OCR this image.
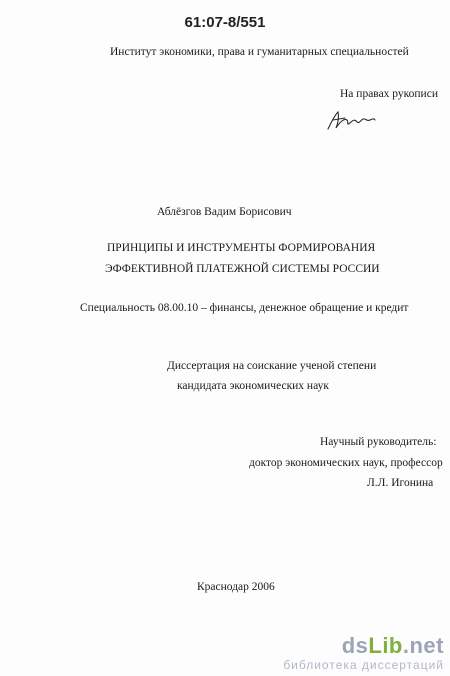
61:07-8/551
Институт экономики, права и гуманитарных специальностей
На правах рукописи
Аблёзгов Вадим Борисович
ПРИНЦИПЫ И ИНСТРУМЕНТЫ ФОРМИРОВАНИЯ
ЭФФЕКТИВНОЙ ПЛАТЕЖНОЙ СИСТЕМЫ РОССИИ
Специальность 08.00.10 – финансы, денежное обращение и кредит
Диссертация на соискание ученой степени
кандидата экономических наук
Научный руководитель:
доктор экономических наук, профессор
Л.Л. Игонина
Краснодар 2006
dsLib.net
библиотека диссертаций
